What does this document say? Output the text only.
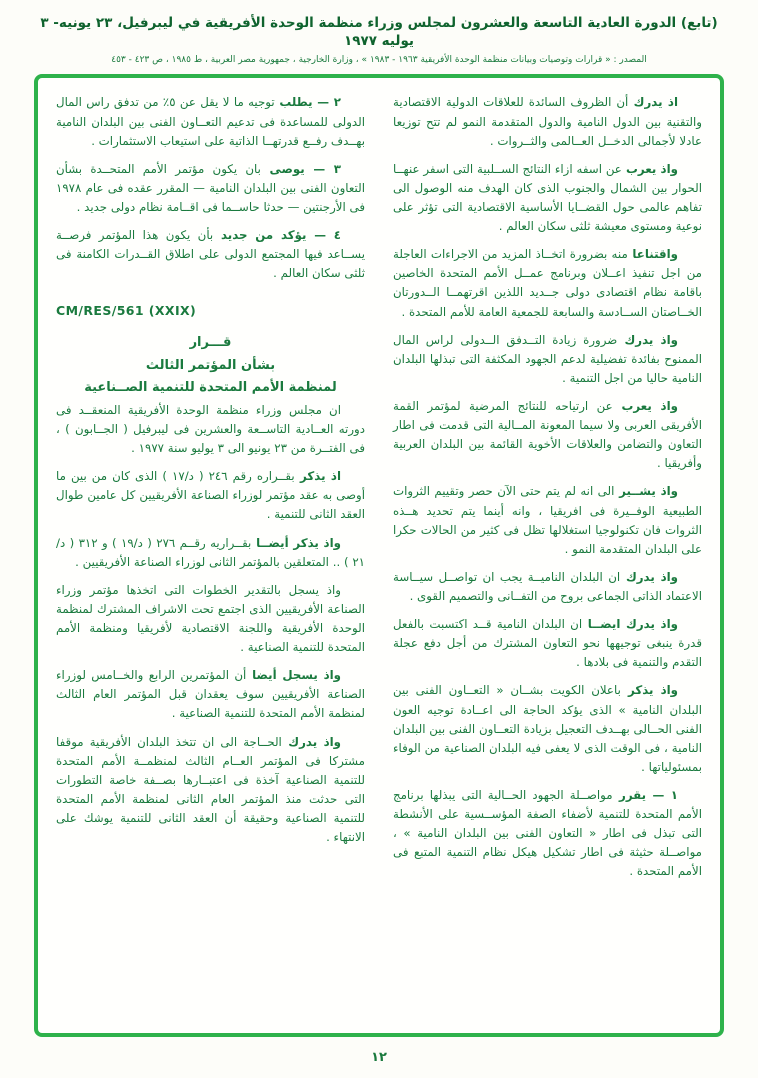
(تابع) الدورة العادية التاسعة والعشرون لمجلس وزراء منظمة الوحدة الأفريقية في ليبرفيل، ٢٣ يونيه- ٣ يوليه ١٩٧٧
المصدر : « قرارات وتوصيات وبيانات منظمة الوحدة الأفريقية ١٩٦٣ - ١٩٨٣ » ، وزارة الخارجية ، جمهورية مصر العربية ، ط ١٩٨٥ ، ص ٤٢٣ - ٤٥٣

اذ يدرك أن الظروف السائدة للعلاقات الدولية الاقتصادية والتقنية بين الدول النامية والدول المتقدمة النمو لم تتح توزيعا عادلا لأجمالى الدخــل العــالمى والثــروات .

واذ يعرب عن اسفه ازاء النتائج الســلبية التى اسفر عنهــا الحوار بين الشمال والجنوب الذى كان الهدف منه الوصول الى تفاهم عالمى حول القضــايا الأساسية الاقتصادية التى تؤثر على نوعية ومستوى معيشة ثلثى سكان العالم .

واقتناعا منه بضرورة اتخــاذ المزيد من الاجراءات العاجلة من اجل تنفيذ اعــلان وبرنامج عمــل الأمم المتحدة الخاصين باقامة نظام اقتصادى دولى جــديد اللذين اقرتهمــا الــدورتان الخــاصتان الســادسة والسابعة للجمعية العامة للأمم المتحدة .

واذ يدرك ضرورة زيادة التــدفق الــدولى لراس المال الممنوح بفائدة تفضيلية لدعم الجهود المكثفة التى تبذلها البلدان النامية حاليا من اجل التنمية .

واذ يعرب عن ارتياحه للنتائج المرضية لمؤتمر القمة الأفريقى العربى ولا سيما المعونة المــالية التى قدمت فى اطار التعاون والتضامن والعلاقات الأخوية القائمة بين البلدان العربية وأفريقيا .

واذ يشــير الى انه لم يتم حتى الآن حصر وتقييم الثروات الطبيعية الوفــيرة فى افريقيا ، وانه أينما يتم تحديد هــذه الثروات فان تكنولوجيا استغلالها تظل فى كثير من الحالات حكرا على البلدان المتقدمة النمو .

واذ يدرك ان البلدان الناميــة يجب ان تواصــل سيــاسة الاعتماد الذاتى الجماعى بروح من التفــانى والتصميم القوى .

واذ يدرك ايضــا ان البلدان النامية قــد اكتسبت بالفعل قدرة ينبغى توجيهها نحو التعاون المشترك من أجل دفع عجلة التقدم والتنمية فى بلادها .

واذ يذكر باعلان الكويت بشــان « التعــاون الفنى بين البلدان النامية » الذى يؤكد الحاجة الى اعــادة توجيه العون الفنى الحــالى بهــدف التعجيل بزيادة التعــاون الفنى بين البلدان النامية ، فى الوقت الذى لا يعفى فيه البلدان الصناعية من الوفاء بمسئولياتها .

١ — يقرر مواصــلة الجهود الحــالية التى يبذلها برنامج الأمم المتحدة للتنمية لأضفاء الصفة المؤســسية على الأنشطة التى تبذل فى اطار « التعاون الفنى بين البلدان النامية » ، مواصــلة حثيثة فى اطار تشكيل هيكل نظام التنمية المتبع فى الأمم المتحدة .

٢ — يطلب توجيه ما لا يقل عن ٥٪ من تدفق راس المال الدولى للمساعدة فى تدعيم التعــاون الفنى بين البلدان النامية بهــدف رفــع قدرتهــا الذاتية على استيعاب الاستثمارات .

٣ — يوصى بان يكون مؤتمر الأمم المتحــدة بشأن التعاون الفنى بين البلدان النامية — المقرر عقده فى عام ١٩٧٨ فى الأرجنتين — حدثا حاســما فى اقــامة نظام دولى جديد .

٤ — يؤكد من جديد بأن يكون هذا المؤتمر فرصــة يســاعد فيها المجتمع الدولى على اطلاق القــدرات الكامنة فى ثلثى سكان العالم .

CM/RES/561 (XXIX)

قـــرار
بشأن المؤتمر الثالث
لمنظمة الأمم المتحدة للتنمية الصــناعية

ان مجلس وزراء منظمة الوحدة الأفريقية المنعقــد فى دورته العــادية التاســعة والعشرين فى ليبرفيل ( الجــابون ) ، فى الفتــرة من ٢٣ يونيو الى ٣ يوليو سنة ١٩٧٧ .

اذ يذكر بقــراره رقم ٢٤٦ ( د/١٧ ) الذى كان من بين ما أوصى به عقد مؤتمر لوزراء الصناعة الأفريقيين كل عامين طوال العقد الثانى للتنمية .

واذ يذكر أيضــا بقــراريه رقــم ٢٧٦ ( د/١٩ ) و ٣١٢ ( د/٢١ ) .. المتعلقين بالمؤتمر الثانى لوزراء الصناعة الأفريقيين .

واذ يسجل بالتقدير الخطوات التى اتخذها مؤتمر وزراء الصناعة الأفريقيين الذى اجتمع تحت الاشراف المشترك لمنظمة الوحدة الأفريقية واللجنة الاقتصادية لأفريقيا ومنظمة الأمم المتحدة للتنمية الصناعية .

واذ يسجل أيضا أن المؤتمرين الرابع والخــامس لوزراء الصناعة الأفريقيين سوف يعقدان قبل المؤتمر العام الثالث لمنظمة الأمم المتحدة للتنمية الصناعية .

واذ يدرك الحــاجة الى ان تتخذ البلدان الأفريقية موقفا مشتركا فى المؤتمر العــام الثالث لمنظمــة الأمم المتحدة للتنمية الصناعية آخذة فى اعتبــارها بصــفة خاصة التطورات التى حدثت منذ المؤتمر العام الثانى لمنظمة الأمم المتحدة للتنمية الصناعية وحقيقة أن العقد الثانى للتنمية يوشك على الانتهاء .

١٢
